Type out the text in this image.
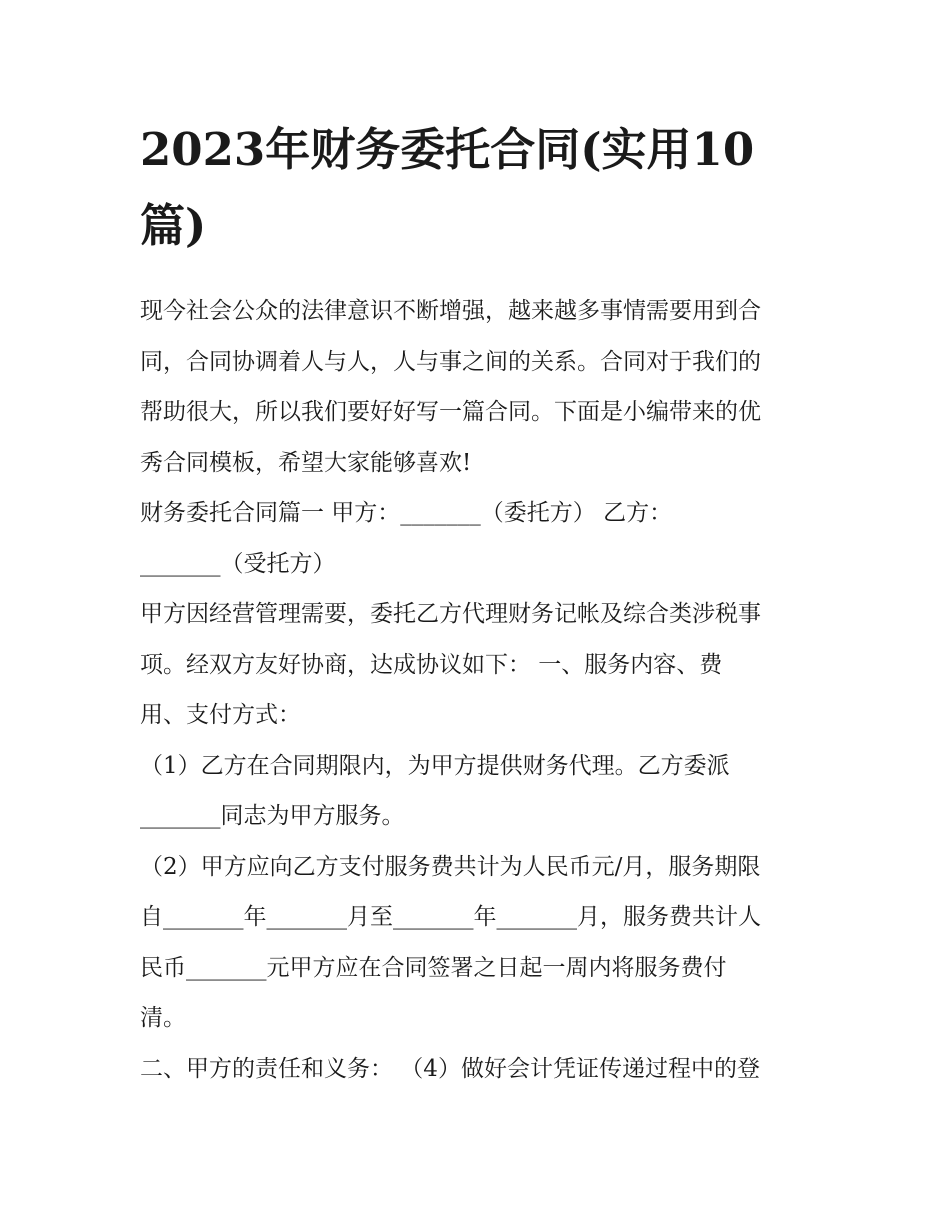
2023年财务委托合同(实用10
篇)
现今社会公众的法律意识不断增强，越来越多事情需要用到合
同，合同协调着人与人，人与事之间的关系。合同对于我们的
帮助很大，所以我们要好好写一篇合同。下面是小编带来的优
秀合同模板，希望大家能够喜欢!
财务委托合同篇一 甲方：_______（委托方） 乙方：
_______（受托方）
甲方因经营管理需要，委托乙方代理财务记帐及综合类涉税事
项。经双方友好协商，达成协议如下： 一、服务内容、费
用、支付方式：
（1）乙方在合同期限内，为甲方提供财务代理。乙方委派
_______同志为甲方服务。
（2）甲方应向乙方支付服务费共计为人民币元/月，服务期限
自_______年_______月至_______年_______月，服务费共计人
民币_______元甲方应在合同签署之日起一周内将服务费付
清。
二、甲方的责任和义务： （4）做好会计凭证传递过程中的登
